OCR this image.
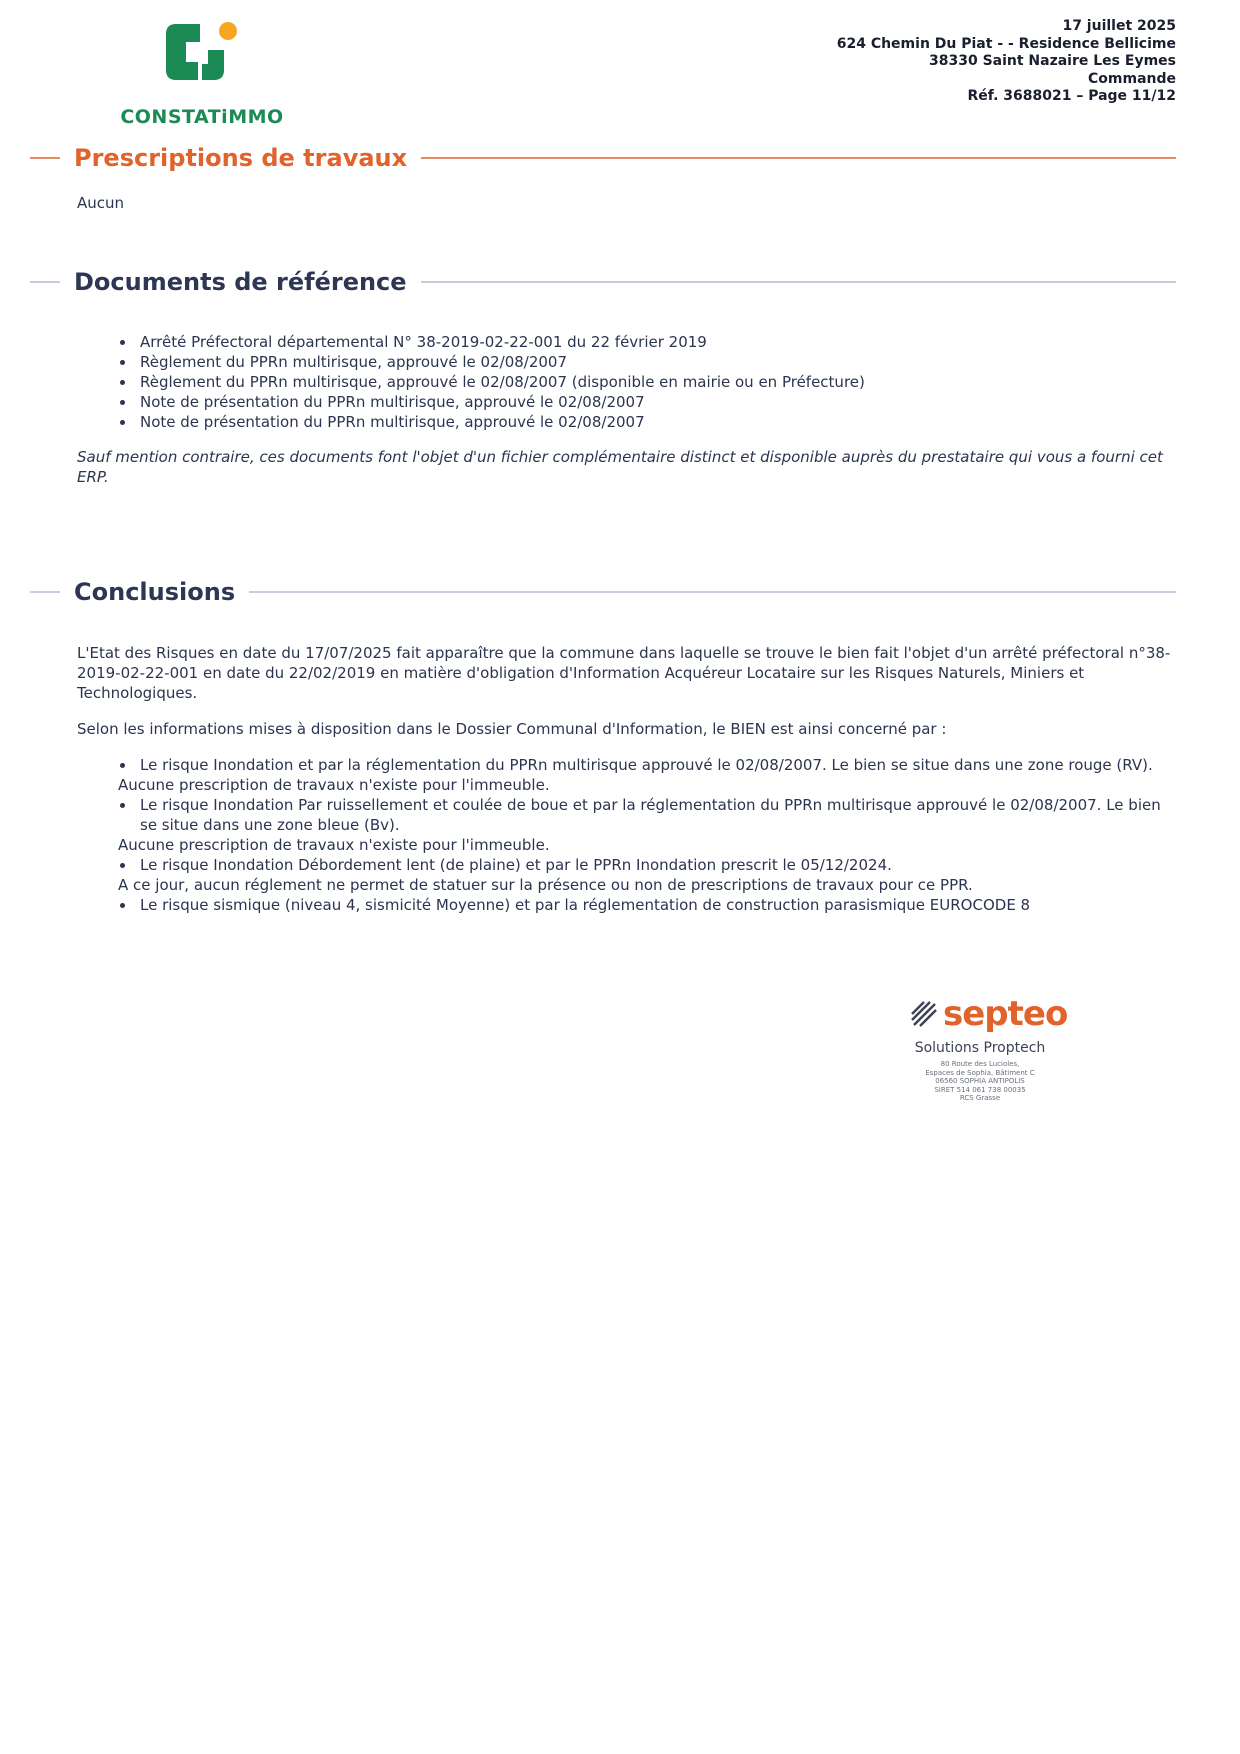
CONSTATiMMO
17 juillet 2025
624 Chemin Du Piat - - Residence Bellicime
38330 Saint Nazaire Les Eymes
Commande
Réf. 3688021 – Page 11/12
Prescriptions de travaux

Aucun

Documents de référence
Arrêté Préfectoral départemental N° 38-2019-02-22-001 du 22 février 2019
Règlement du PPRn multirisque, approuvé le 02/08/2007
Règlement du PPRn multirisque, approuvé le 02/08/2007 (disponible en mairie ou en Préfecture)
Note de présentation du PPRn multirisque, approuvé le 02/08/2007
Note de présentation du PPRn multirisque, approuvé le 02/08/2007

Sauf mention contraire, ces documents font l'objet d'un fichier complémentaire distinct et disponible auprès du prestataire qui vous a fourni cet ERP.

Conclusions

L'Etat des Risques en date du 17/07/2025 fait apparaître que la commune dans laquelle se trouve le bien fait l'objet d'un arrêté préfectoral n°38-2019-02-22-001 en date du 22/02/2019 en matière d'obligation d'Information Acquéreur Locataire sur les Risques Naturels, Miniers et Technologiques.

Selon les informations mises à disposition dans le Dossier Communal d'Information, le BIEN est ainsi concerné par :

Le risque Inondation et par la réglementation du PPRn multirisque approuvé le 02/08/2007. Le bien se situe dans une zone rouge (RV).

Aucune prescription de travaux n'existe pour l'immeuble.

Le risque Inondation Par ruissellement et coulée de boue et par la réglementation du PPRn multirisque approuvé le 02/08/2007. Le bien se situe dans une zone bleue (Bv).

Aucune prescription de travaux n'existe pour l'immeuble.

Le risque Inondation Débordement lent (de plaine) et par le PPRn Inondation prescrit le 05/12/2024.

A ce jour, aucun réglement ne permet de statuer sur la présence ou non de prescriptions de travaux pour ce PPR.

Le risque sismique (niveau 4, sismicité Moyenne) et par la réglementation de construction parasismique EUROCODE 8
septeo
Solutions Proptech
80 Route des Lucioles,
Espaces de Sophia, Bâtiment C
06560 SOPHIA ANTIPOLIS
SIRET 514 061 738 00035
RCS Grasse
